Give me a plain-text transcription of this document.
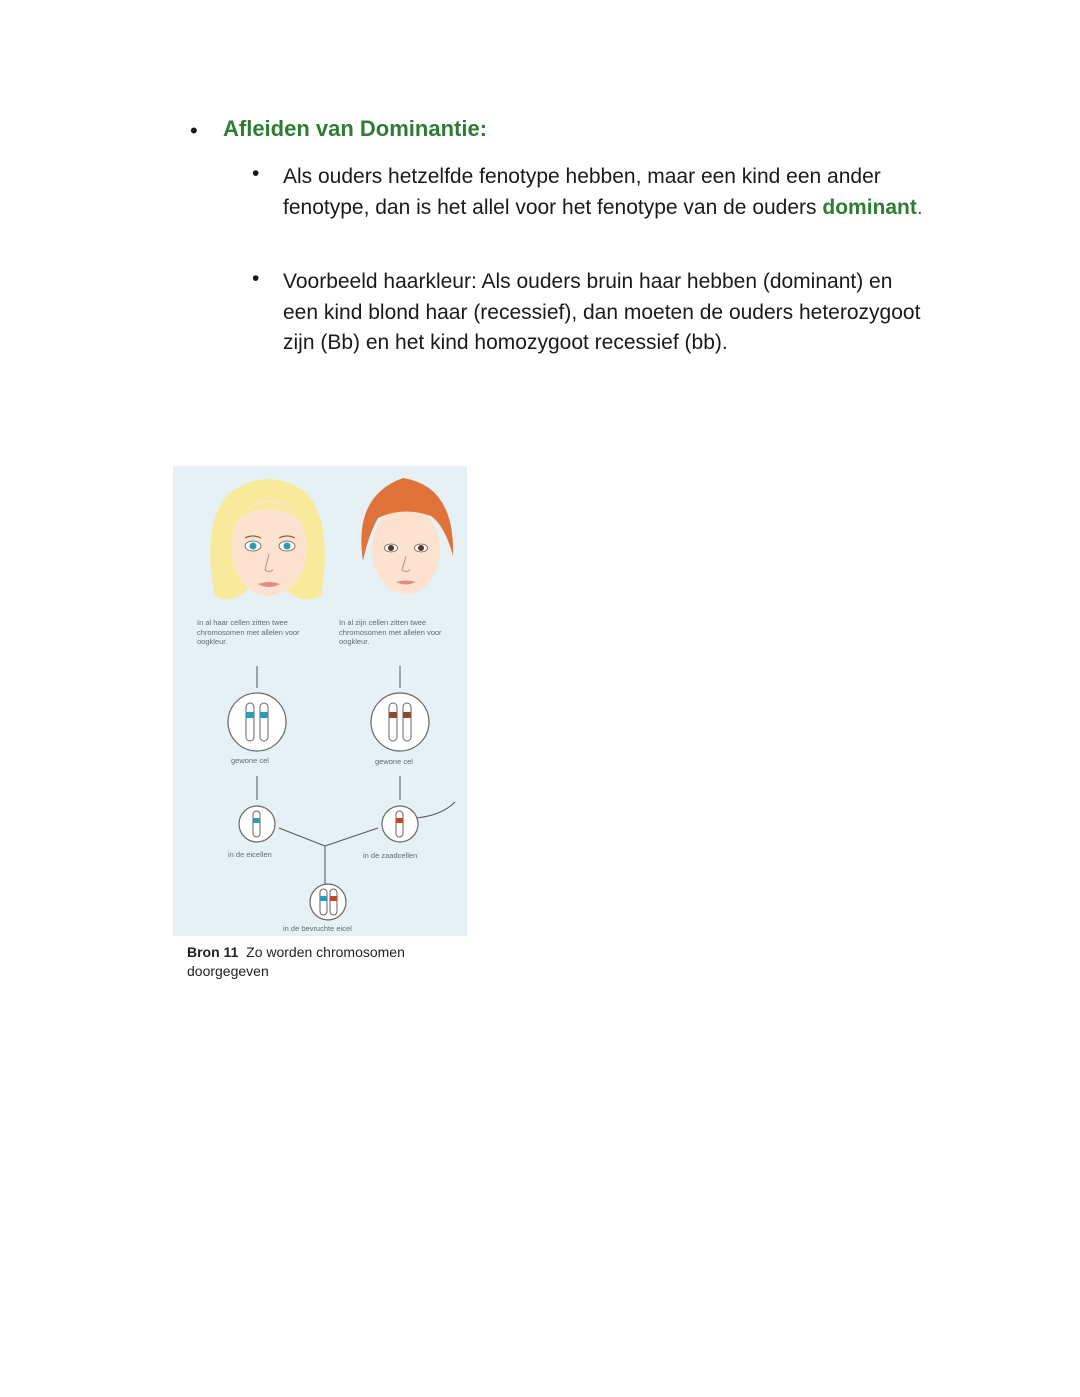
• Afleiden van Dominantie:
• Als ouders hetzelfde fenotype hebben, maar een kind een ander fenotype, dan is het allel voor het fenotype van de ouders dominant.
• Voorbeeld haarkleur: Als ouders bruin haar hebben (dominant) en een kind blond haar (recessief), dan moeten de ouders heterozygoot zijn (Bb) en het kind homozygoot recessief (bb).
In al haar cellen zitten twee chromosomen met allelen voor oogkleur.
In al zijn cellen zitten twee chromosomen met allelen voor oogkleur.
gewone cel	gewone cel
in de eicellen	in de zaadcellen
in de bevruchte eicel
Bron 11 Zo worden chromosomen doorgegeven
